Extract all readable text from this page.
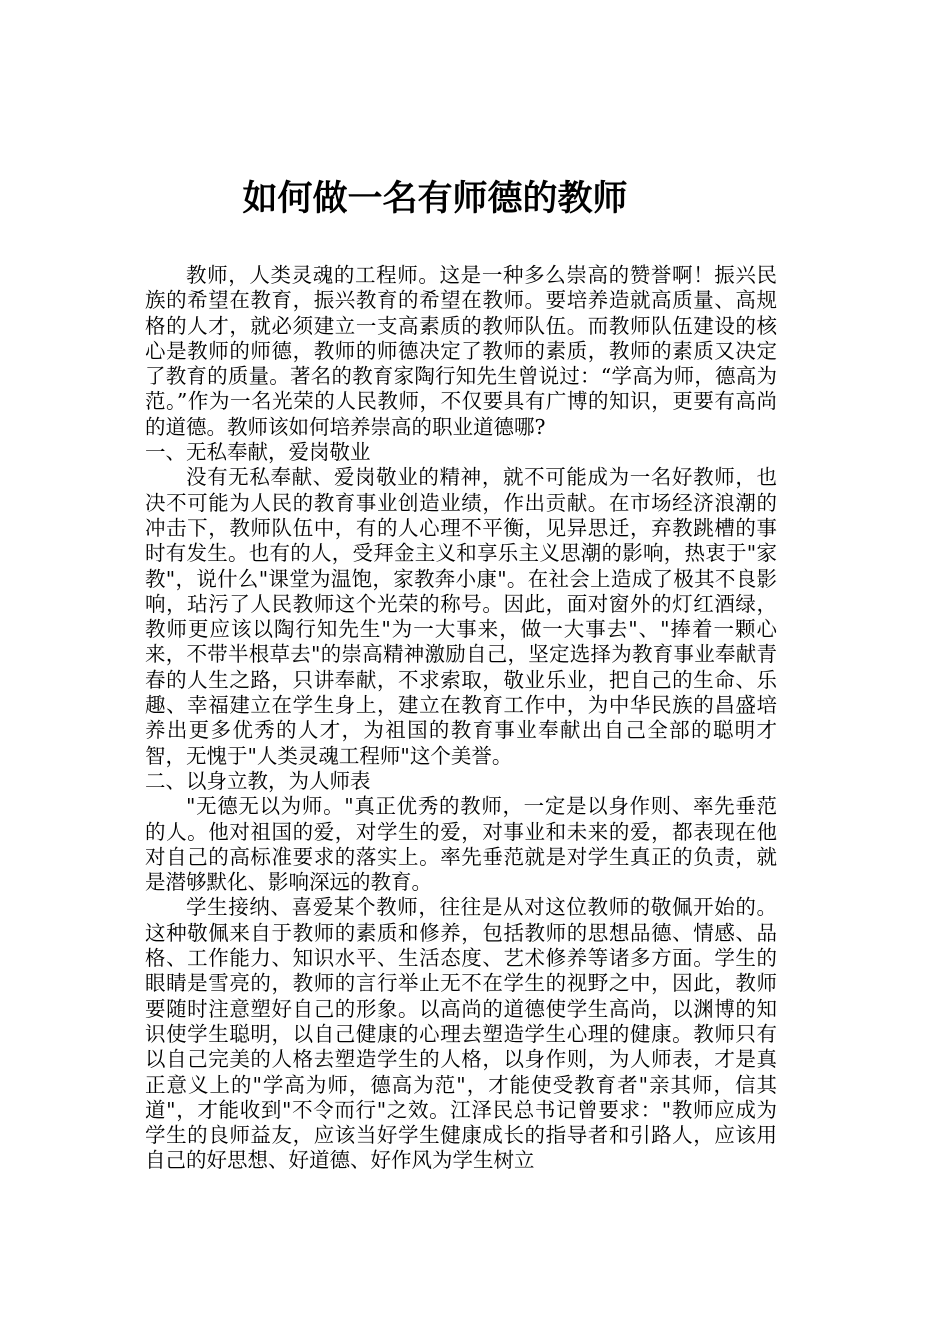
如何做一名有师德的教师

教师，人类灵魂的工程师。这是一种多么崇高的赞誉啊！振兴民族的希望在教育，振兴教育的希望在教师。要培养造就高质量、高规格的人才，就必须建立一支高素质的教师队伍。而教师队伍建设的核心是教师的师德，教师的师德决定了教师的素质，教师的素质又决定了教育的质量。著名的教育家陶行知先生曾说过：“学高为师，德高为范。”作为一名光荣的人民教师，不仅要具有广博的知识，更要有高尚的道德。教师该如何培养崇高的职业道德哪?

一、无私奉献，爱岗敬业

没有无私奉献、爱岗敬业的精神，就不可能成为一名好教师，也决不可能为人民的教育事业创造业绩，作出贡献。在市场经济浪潮的冲击下，教师队伍中，有的人心理不平衡，见异思迁，弃教跳槽的事时有发生。也有的人，受拜金主义和享乐主义思潮的影响，热衷于"家教"，说什么"课堂为温饱，家教奔小康"。在社会上造成了极其不良影响，玷污了人民教师这个光荣的称号。因此，面对窗外的灯红酒绿，教师更应该以陶行知先生"为一大事来，做一大事去"、"捧着一颗心来，不带半根草去"的崇高精神激励自己，坚定选择为教育事业奉献青春的人生之路，只讲奉献，不求索取，敬业乐业，把自己的生命、乐趣、幸福建立在学生身上，建立在教育工作中，为中华民族的昌盛培养出更多优秀的人才，为祖国的教育事业奉献出自己全部的聪明才智，无愧于"人类灵魂工程师"这个美誉。

二、以身立教，为人师表

"无德无以为师。"真正优秀的教师，一定是以身作则、率先垂范的人。他对祖国的爱，对学生的爱，对事业和未来的爱，都表现在他对自己的高标准要求的落实上。率先垂范就是对学生真正的负责，就是潜够默化、影响深远的教育。

学生接纳、喜爱某个教师，往往是从对这位教师的敬佩开始的。这种敬佩来自于教师的素质和修养，包括教师的思想品德、情感、品格、工作能力、知识水平、生活态度、艺术修养等诸多方面。学生的眼睛是雪亮的，教师的言行举止无不在学生的视野之中，因此，教师要随时注意塑好自己的形象。以高尚的道德使学生高尚，以渊博的知识使学生聪明，以自己健康的心理去塑造学生心理的健康。教师只有以自己完美的人格去塑造学生的人格，以身作则，为人师表，才是真正意义上的"学高为师，德高为范"，才能使受教育者"亲其师，信其道"，才能收到"不令而行"之效。江泽民总书记曾要求："教师应成为学生的良师益友，应该当好学生健康成长的指导者和引路人，应该用自己的好思想、好道德、好作风为学生树立
